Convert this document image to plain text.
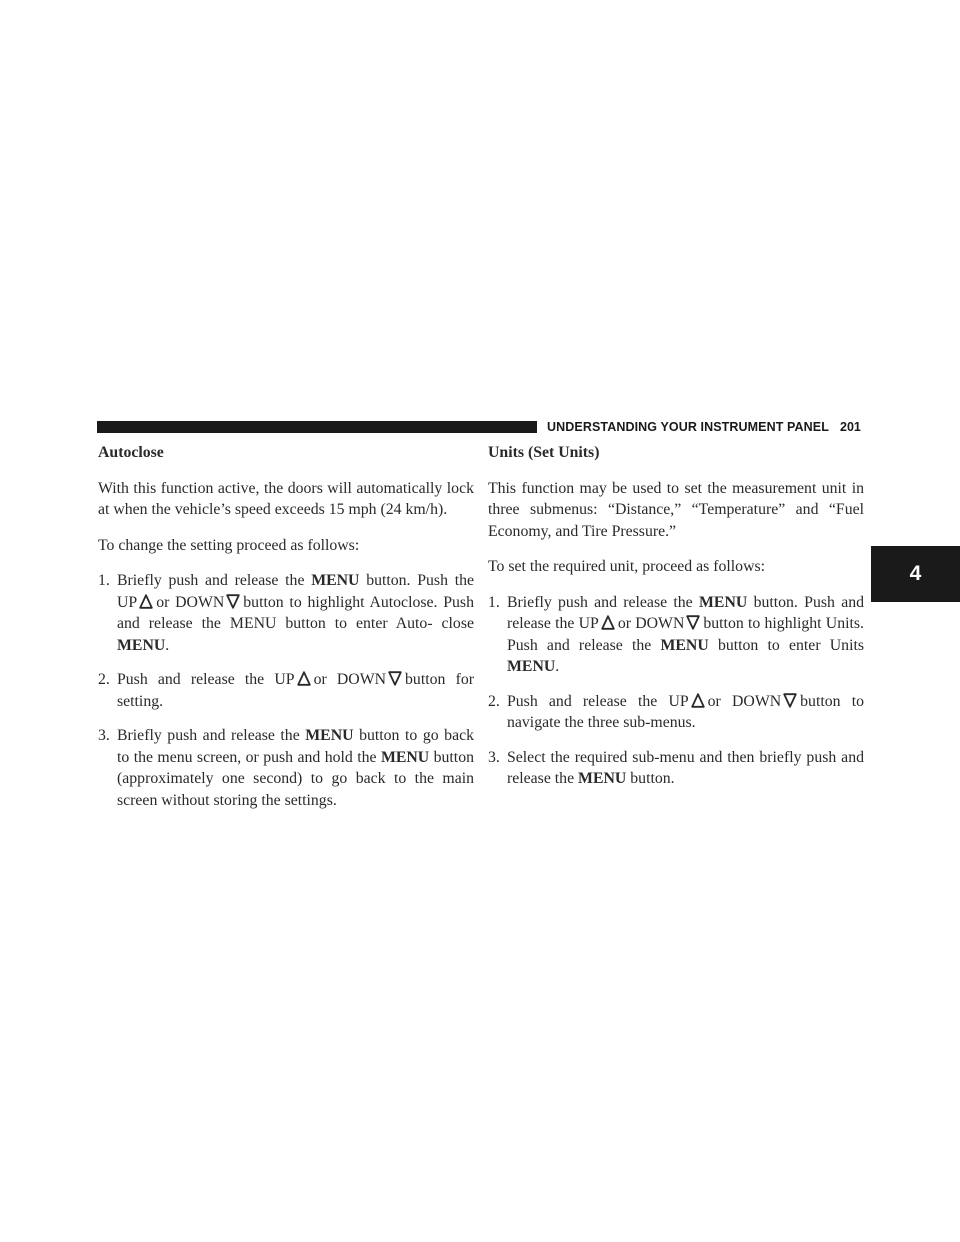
UNDERSTANDING YOUR INSTRUMENT PANEL 201
4
Autoclose

With this function active, the doors will automatically lock at when the vehicle’s speed exceeds 15 mph (24 km/h).

To change the setting proceed as follows:

1. Briefly push and release the MENU button. Push the UP or DOWN button to highlight Autoclose. Push and release the MENU button to enter Auto- close MENU.
2. Push and release the UP or DOWN button for setting.
3. Briefly push and release the MENU button to go back to the menu screen, or push and hold the MENU button (approximately one second) to go back to the main screen without storing the settings.
Units (Set Units)

This function may be used to set the measurement unit in three submenus: “Distance,” “Temperature” and “Fuel Economy, and Tire Pressure.”

To set the required unit, proceed as follows:

1. Briefly push and release the MENU button. Push and release the UP or DOWN button to highlight Units. Push and release the MENU button to enter Units MENU.
2. Push and release the UP or DOWN button to navigate the three sub-menus.
3. Select the required sub-menu and then briefly push and release the MENU button.
